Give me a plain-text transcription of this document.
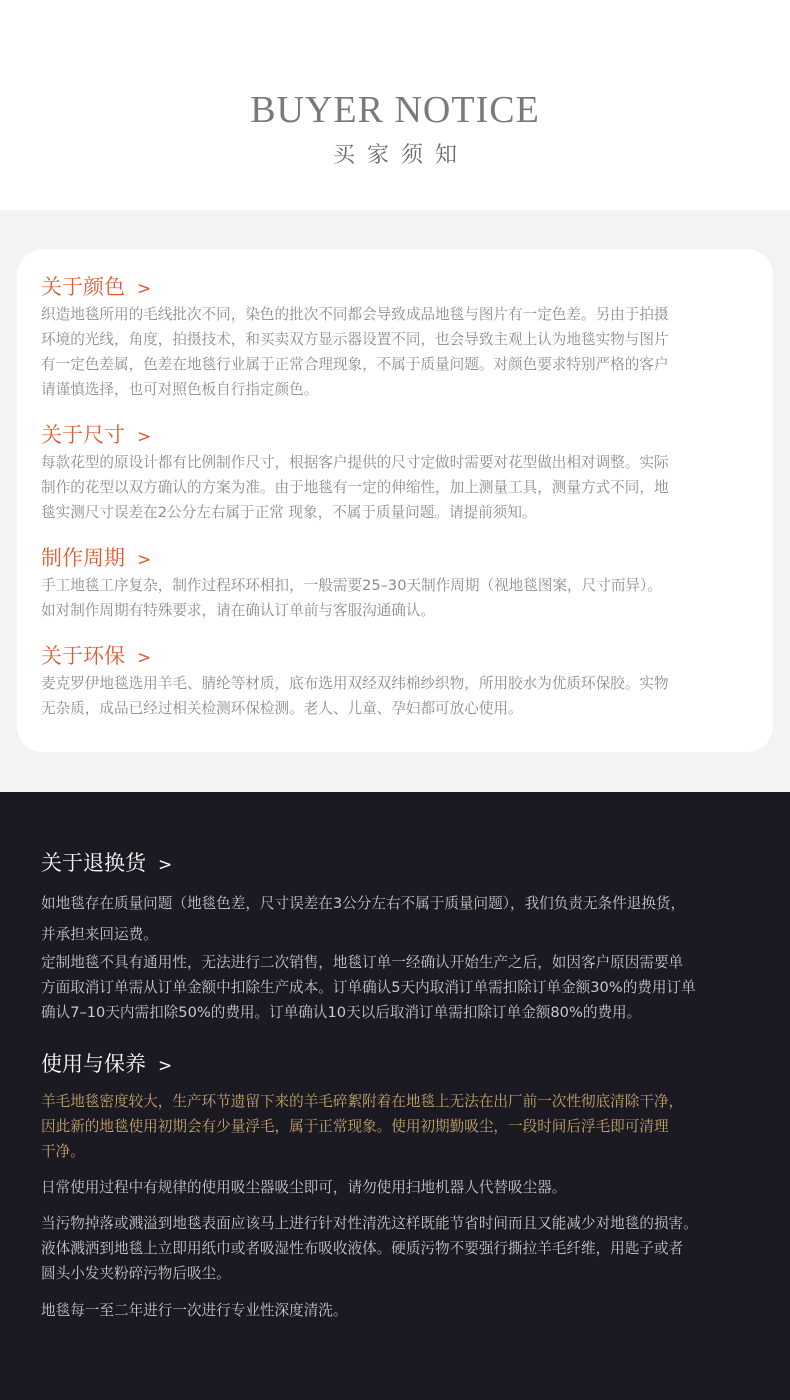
BUYER NOTICE
买家须知
关于颜色 >
织造地毯所用的毛线批次不同，染色的批次不同都会导致成品地毯与图片有一定色差。另由于拍摄
环境的光线，角度，拍摄技术，和买卖双方显示器设置不同，也会导致主观上认为地毯实物与图片
有一定色差属，色差在地毯行业属于正常合理现象，不属于质量问题。对颜色要求特别严格的客户
请谨慎选择，也可对照色板自行指定颜色。
关于尺寸 >
每款花型的原设计都有比例制作尺寸，根据客户提供的尺寸定做时需要对花型做出相对调整。实际
制作的花型以双方确认的方案为准。由于地毯有一定的伸缩性，加上测量工具，测量方式不同，地
毯实测尺寸误差在2公分左右属于正常 现象，不属于质量问题。请提前须知。
制作周期 >
手工地毯工序复杂，制作过程环环相扣，一般需要25–30天制作周期（视地毯图案，尺寸而异）。
如对制作周期有特殊要求，请在确认订单前与客服沟通确认。
关于环保 >
麦克罗伊地毯选用羊毛、腈纶等材质，底布选用双经双纬棉纱织物，所用胶水为优质环保胶。实物
无杂质，成品已经过相关检测环保检测。老人、儿童、孕妇都可放心使用。
关于退换货 >
如地毯存在质量问题（地毯色差，尺寸误差在3公分左右不属于质量问题），我们负责无条件退换货，
并承担来回运费。
定制地毯不具有通用性，无法进行二次销售，地毯订单一经确认开始生产之后，如因客户原因需要单
方面取消订单需从订单金额中扣除生产成本。订单确认5天内取消订单需扣除订单金额30%的费用订单
确认7–10天内需扣除50%的费用。订单确认10天以后取消订单需扣除订单金额80%的费用。
使用与保养 >
羊毛地毯密度较大，生产环节遗留下来的羊毛碎絮附着在地毯上无法在出厂前一次性彻底清除干净，
因此新的地毯使用初期会有少量浮毛，属于正常现象。使用初期勤吸尘，一段时间后浮毛即可清理
干净。
日常使用过程中有规律的使用吸尘器吸尘即可，请勿使用扫地机器人代替吸尘器。
当污物掉落或溅溢到地毯表面应该马上进行针对性清洗这样既能节省时间而且又能减少对地毯的损害。
液体溅洒到地毯上立即用纸巾或者吸湿性布吸收液体。硬质污物不要强行撕拉羊毛纤维，用匙子或者
圆头小发夹粉碎污物后吸尘。
地毯每一至二年进行一次进行专业性深度清洗。
